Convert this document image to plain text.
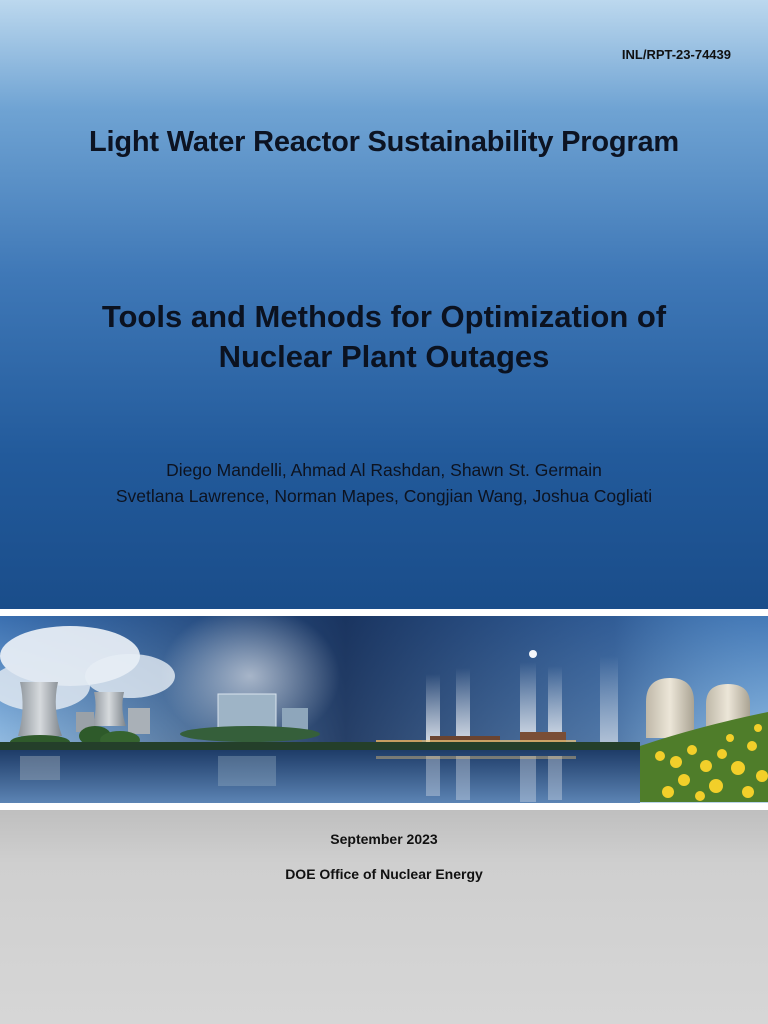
INL/RPT-23-74439
Light Water Reactor Sustainability Program
Tools and Methods for Optimization of
Nuclear Plant Outages
Diego Mandelli, Ahmad Al Rashdan, Shawn St. Germain
Svetlana Lawrence, Norman Mapes, Congjian Wang, Joshua Cogliati
September 2023
DOE Office of Nuclear Energy
